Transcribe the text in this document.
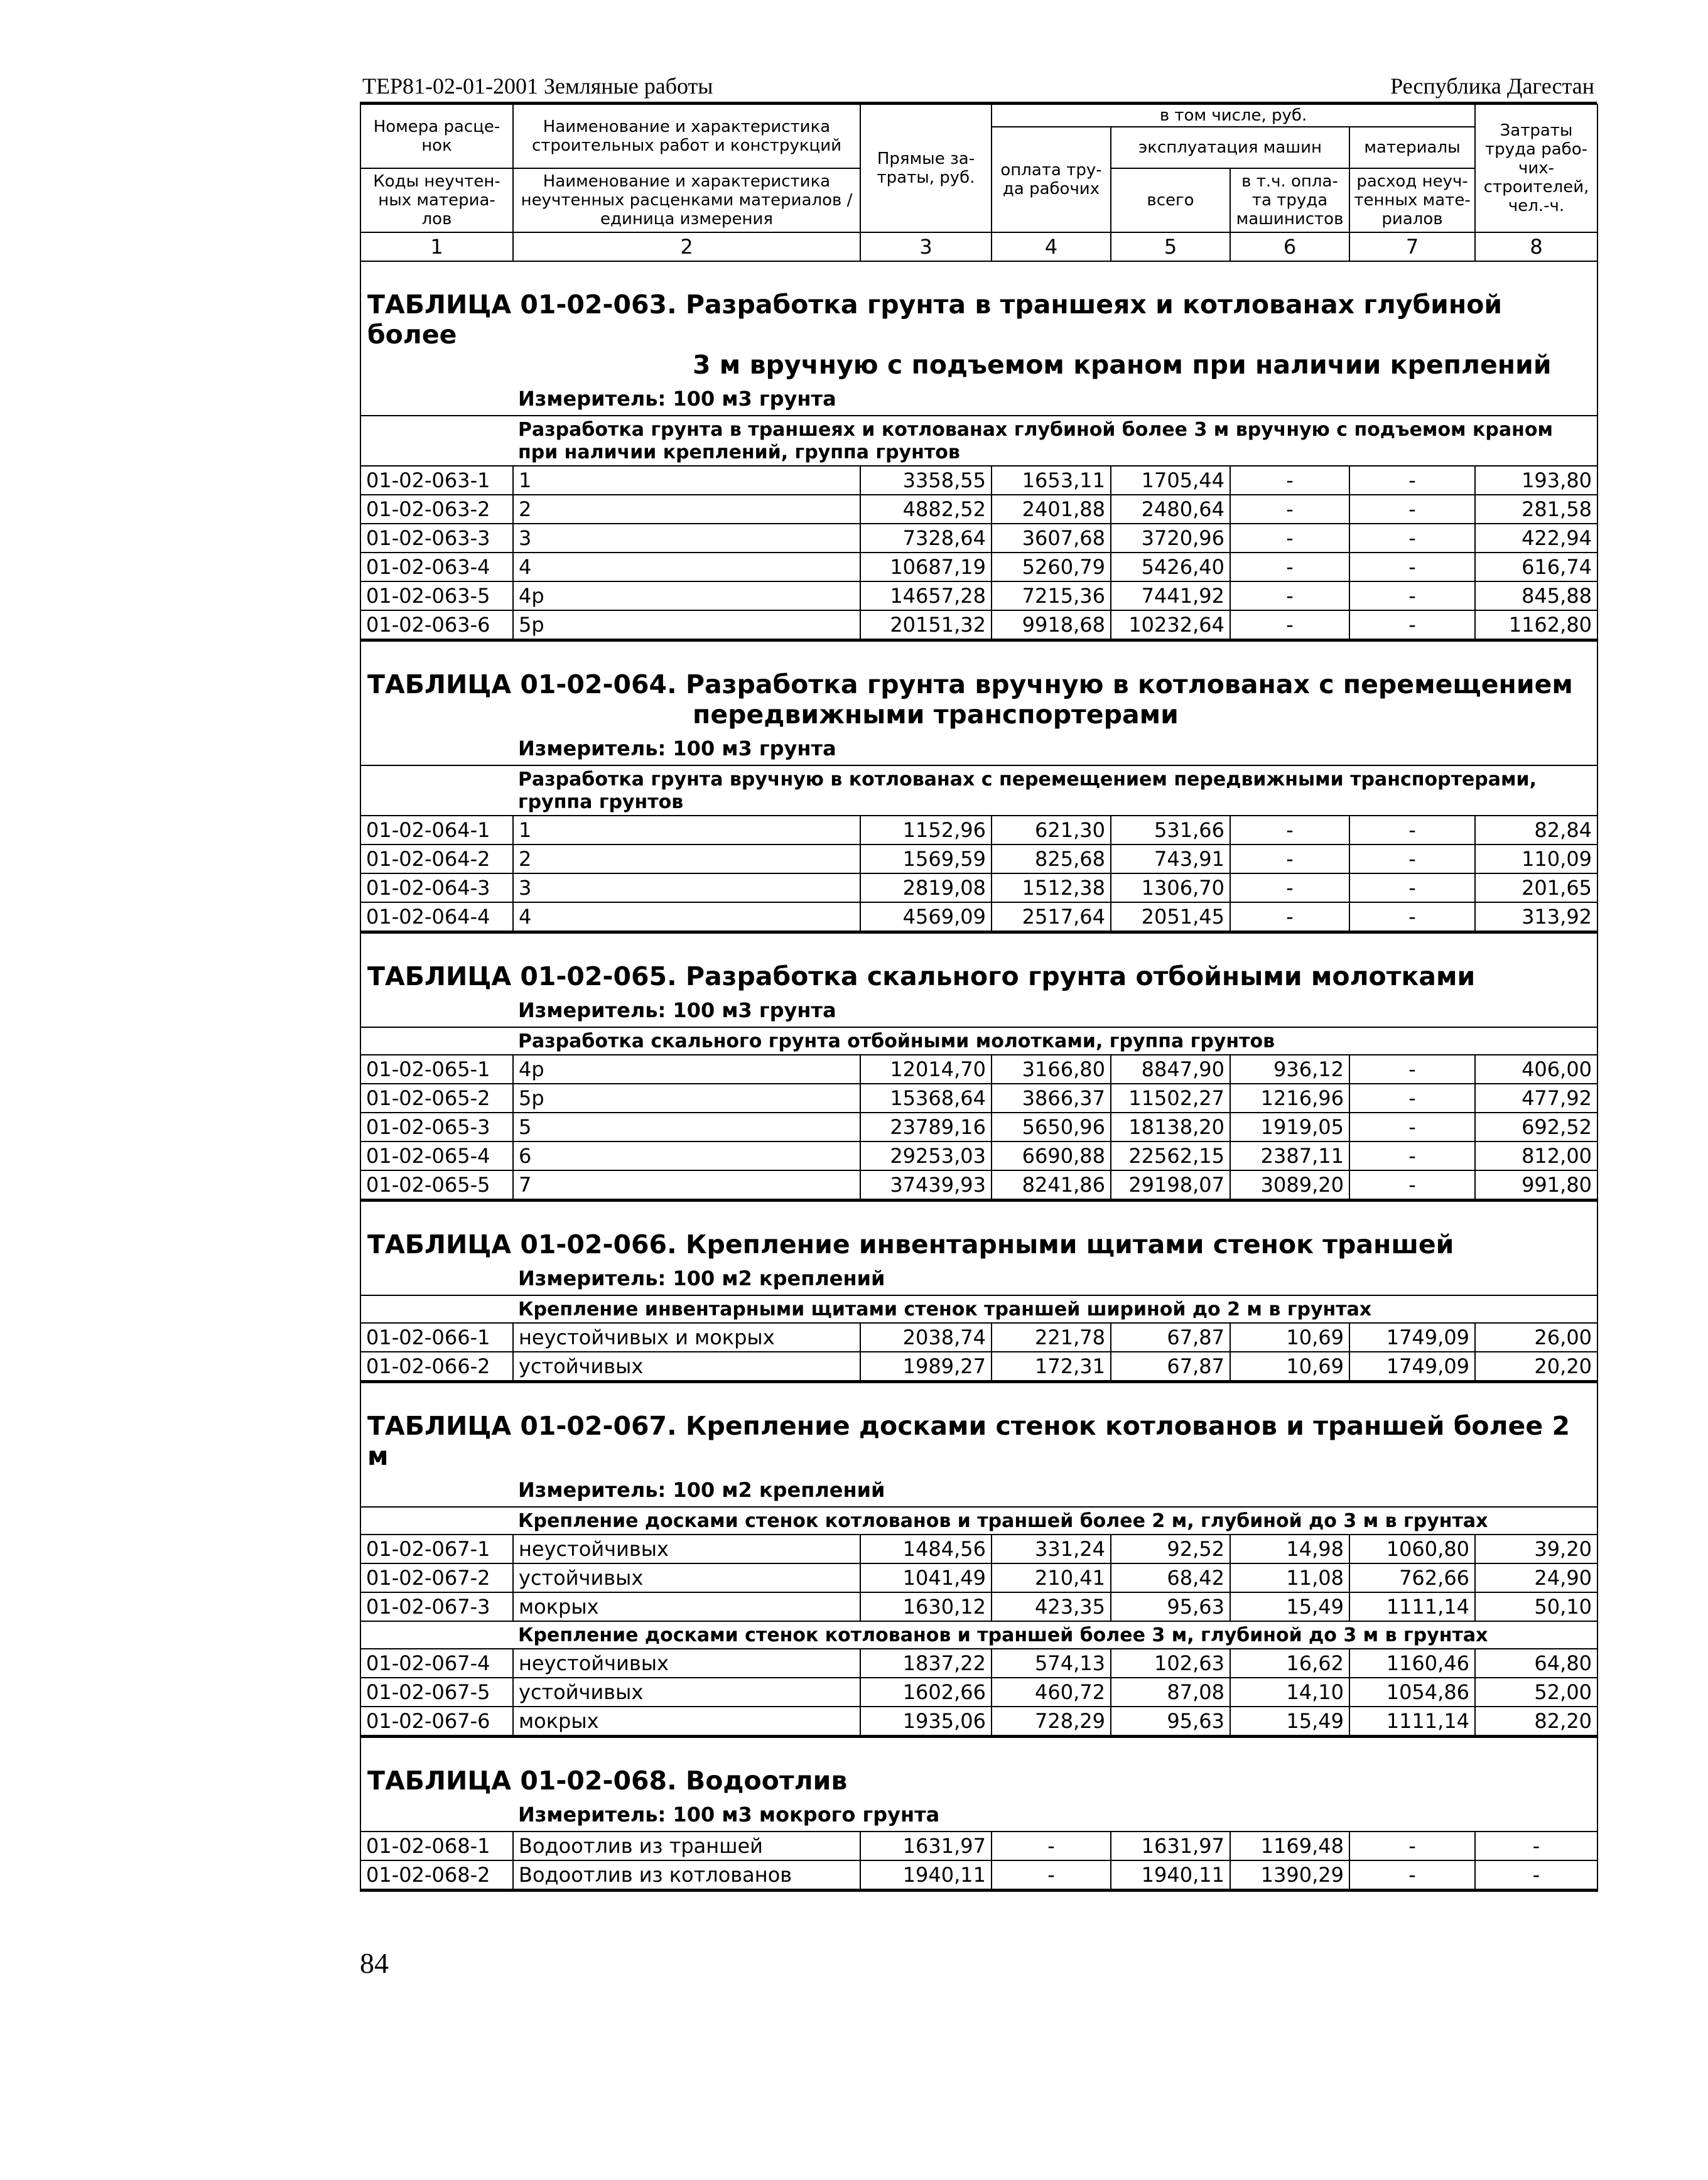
ТЕР81-02-01-2001 Земляные работы	Республика Дагестан
Номера расце-нок	Наименование и характеристика строительных работ и конструкций	Прямые за-траты, руб.	в том числе, руб.				Затраты труда рабо-чих-строителей, чел.-ч.
			оплата тру-да рабочих	эксплуатация машин		материалы	
Коды неучтен-ных материа-лов	Наименование и характеристика неучтенных расценками материалов / единица измерения			всего	в т.ч. опла-та труда машинистов	расход неуч-тенных мате-риалов	

1	2	3	4	5	6	7	8

ТАБЛИЦА 01-02-063. Разработка грунта в траншеях и котлованах глубиной более
3 м вручную с подъемом краном при наличии креплений							

Измеритель: 100 м3 грунта							
Разработка грунта в траншеях и котлованах глубиной более 3 м вручную с подъемом краном при наличии креплений, группа грунтов							
01-02-063-1	1	3358,55	1653,11	1705,44	-	-	193,80
01-02-063-2	2	4882,52	2401,88	2480,64	-	-	281,58
01-02-063-3	3	7328,64	3607,68	3720,96	-	-	422,94
01-02-063-4	4	10687,19	5260,79	5426,40	-	-	616,74
01-02-063-5	4р	14657,28	7215,36	7441,92	-	-	845,88
01-02-063-6	5р	20151,32	9918,68	10232,64	-	-	1162,80

ТАБЛИЦА 01-02-064. Разработка грунта вручную в котлованах с перемещением
передвижными транспортерами							

Измеритель: 100 м3 грунта							
Разработка грунта вручную в котлованах с перемещением передвижными транспортерами, группа грунтов							
01-02-064-1	1	1152,96	621,30	531,66	-	-	82,84
01-02-064-2	2	1569,59	825,68	743,91	-	-	110,09
01-02-064-3	3	2819,08	1512,38	1306,70	-	-	201,65
01-02-064-4	4	4569,09	2517,64	2051,45	-	-	313,92

ТАБЛИЦА 01-02-065. Разработка скального грунта отбойными молотками							

Измеритель: 100 м3 грунта							
Разработка скального грунта отбойными молотками, группа грунтов							
01-02-065-1	4р	12014,70	3166,80	8847,90	936,12	-	406,00
01-02-065-2	5р	15368,64	3866,37	11502,27	1216,96	-	477,92
01-02-065-3	5	23789,16	5650,96	18138,20	1919,05	-	692,52
01-02-065-4	6	29253,03	6690,88	22562,15	2387,11	-	812,00
01-02-065-5	7	37439,93	8241,86	29198,07	3089,20	-	991,80

ТАБЛИЦА 01-02-066. Крепление инвентарными щитами стенок траншей							

Измеритель: 100 м2 креплений							
Крепление инвентарными щитами стенок траншей шириной до 2 м в грунтах							
01-02-066-1	неустойчивых и мокрых	2038,74	221,78	67,87	10,69	1749,09	26,00
01-02-066-2	устойчивых	1989,27	172,31	67,87	10,69	1749,09	20,20

ТАБЛИЦА 01-02-067. Крепление досками стенок котлованов и траншей более 2 м							

Измеритель: 100 м2 креплений							
Крепление досками стенок котлованов и траншей более 2 м, глубиной до 3 м в грунтах							
01-02-067-1	неустойчивых	1484,56	331,24	92,52	14,98	1060,80	39,20
01-02-067-2	устойчивых	1041,49	210,41	68,42	11,08	762,66	24,90
01-02-067-3	мокрых	1630,12	423,35	95,63	15,49	1111,14	50,10
Крепление досками стенок котлованов и траншей более 3 м, глубиной до 3 м в грунтах							
01-02-067-4	неустойчивых	1837,22	574,13	102,63	16,62	1160,46	64,80
01-02-067-5	устойчивых	1602,66	460,72	87,08	14,10	1054,86	52,00
01-02-067-6	мокрых	1935,06	728,29	95,63	15,49	1111,14	82,20

ТАБЛИЦА 01-02-068. Водоотлив							

Измеритель: 100 м3 мокрого грунта							
01-02-068-1	Водоотлив из траншей	1631,97	-	1631,97	1169,48	-	-
01-02-068-2	Водоотлив из котлованов	1940,11	-	1940,11	1390,29	-	-
84
